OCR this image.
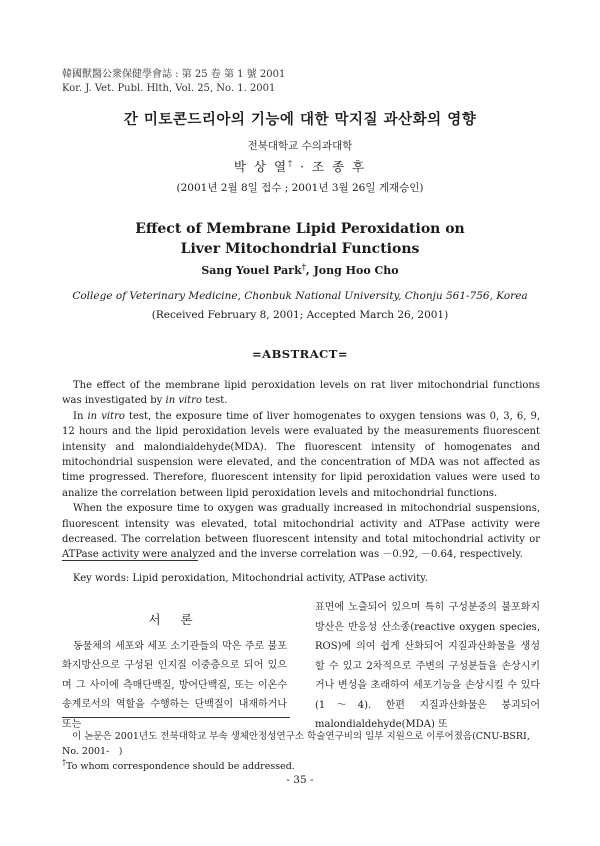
韓國獸醫公衆保健學會誌 : 第 25 卷 第 1 號 2001
Kor. J. Vet. Publ. Hlth, Vol. 25, No. 1. 2001
간 미토콘드리아의 기능에 대한 막지질 과산화의 영향
전북대학교 수의과대학
박 상 열† · 조 종 후
(2001년 2월 8일 접수 ; 2001년 3월 26일 게재승인)
Effect of Membrane Lipid Peroxidation on
Liver Mitochondrial Functions
Sang Youel Park†, Jong Hoo Cho
College of Veterinary Medicine, Chonbuk National University, Chonju 561-756, Korea
(Received February 8, 2001; Accepted March 26, 2001)
=ABSTRACT=

The effect of the membrane lipid peroxidation levels on rat liver mitochondrial functions was investigated by in vitro test.

In in vitro test, the exposure time of liver homogenates to oxygen tensions was 0, 3, 6, 9, 12 hours and the lipid peroxidation levels were evaluated by the measurements fluorescent intensity and malondialdehyde(MDA). The fluorescent intensity of homogenates and mitochondrial suspension were elevated, and the concentration of MDA was not affected as time progressed. Therefore, fluorescent intensity for lipid peroxidation values were used to analize the correlation between lipid peroxidation levels and mitochondrial functions.

When the exposure time to oxygen was gradually increased in mitochondrial suspensions, fluorescent intensity was elevated, total mitochondrial activity and ATPase activity were decreased. The correlation between fluorescent intensity and total mitochondrial activity or ATPase activity were analyzed and the inverse correlation was －0.92, －0.64, respectively.

Key words: Lipid peroxidation, Mitochondrial activity, ATPase activity.
서 론

동물체의 세포와 세포 소기관들의 막은 주로 불포화지방산으로 구성된 인지질 이중층으로 되어 있으며 그 사이에 측매단백질, 방어단백질, 또는 이온수송계로서의 역할을 수행하는 단백질이 내재하거나 또는

표면에 노출되어 있으며 특히 구성분중의 불포화지방산은 반응성 산소종(reactive oxygen species, ROS)에 의여 쉽게 산화되어 지질과산화물을 생성할 수 있고 2차적으로 주변의 구성분들을 손상시키거나 변성을 초래하여 세포기능을 손상시킬 수 있다(1～4). 한편 지질과산화물은 붕괴되어 malondialdehyde(MDA) 또

이 논문은 2001년도 전북대학교 부속 생체안정성연구소 학술연구비의 일부 지원으로 이루어졌음(CNU-BSRI, No. 2001-　)

†To whom correspondence should be addressed.
- 35 -
